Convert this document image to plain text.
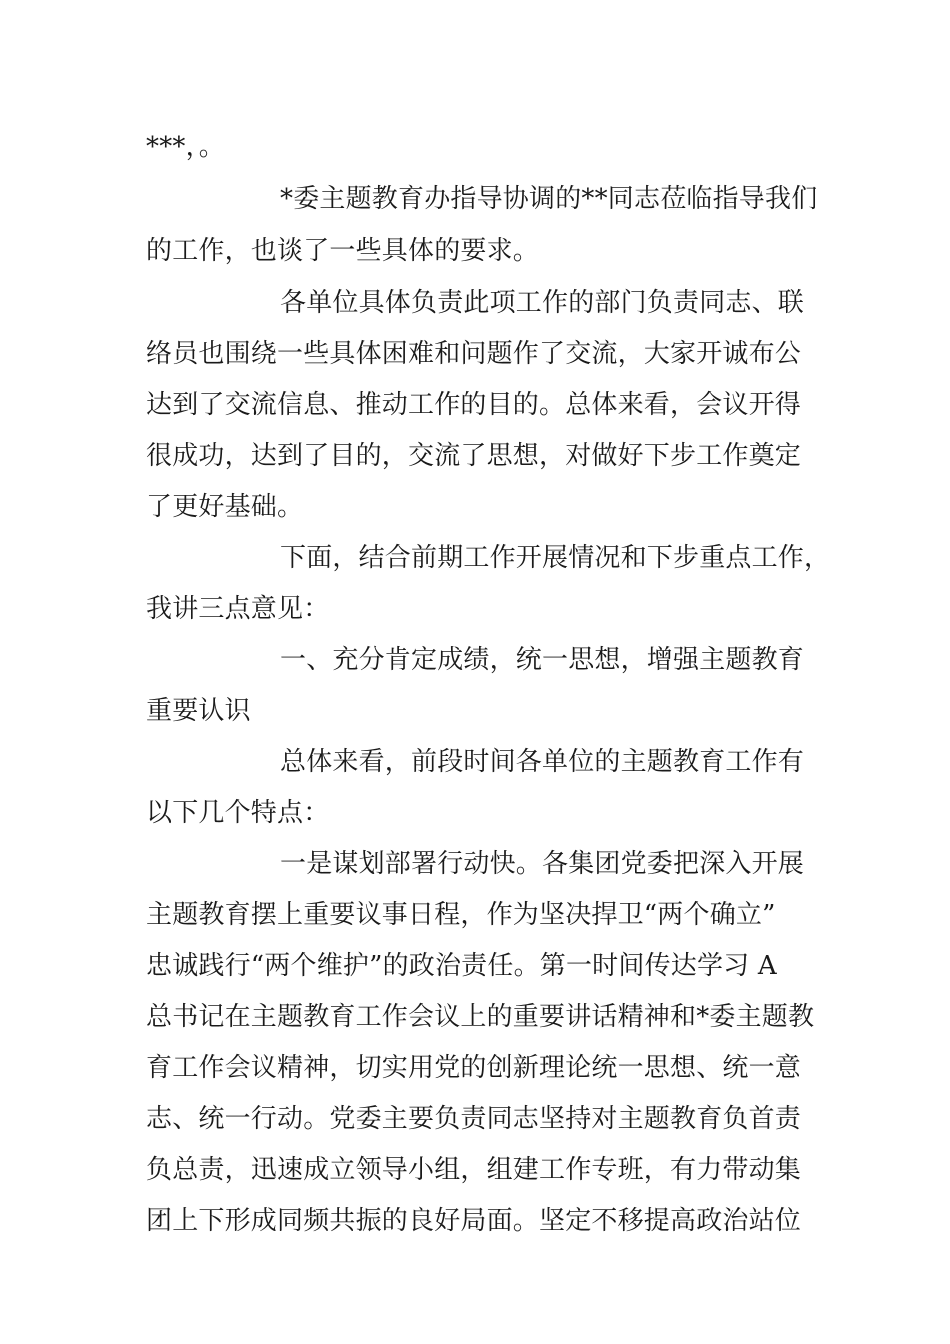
***，。

*委主题教育办指导协调的**同志莅临指导我们

的工作，也谈了一些具体的要求。

各单位具体负责此项工作的部门负责同志、联

络员也围绕一些具体困难和问题作了交流，大家开诚布公

达到了交流信息、推动工作的目的。总体来看，会议开得

很成功，达到了目的，交流了思想，对做好下步工作奠定

了更好基础。

下面，结合前期工作开展情况和下步重点工作，

我讲三点意见：

一、充分肯定成绩，统一思想，增强主题教育

重要认识

总体来看，前段时间各单位的主题教育工作有

以下几个特点：

一是谋划部署行动快。各集团党委把深入开展

主题教育摆上重要议事日程，作为坚决捍卫“两个确立”

忠诚践行“两个维护”的政治责任。第一时间传达学习 A

总书记在主题教育工作会议上的重要讲话精神和*委主题教

育工作会议精神，切实用党的创新理论统一思想、统一意

志、统一行动。党委主要负责同志坚持对主题教育负首责

负总责，迅速成立领导小组，组建工作专班，有力带动集

团上下形成同频共振的良好局面。坚定不移提高政治站位
